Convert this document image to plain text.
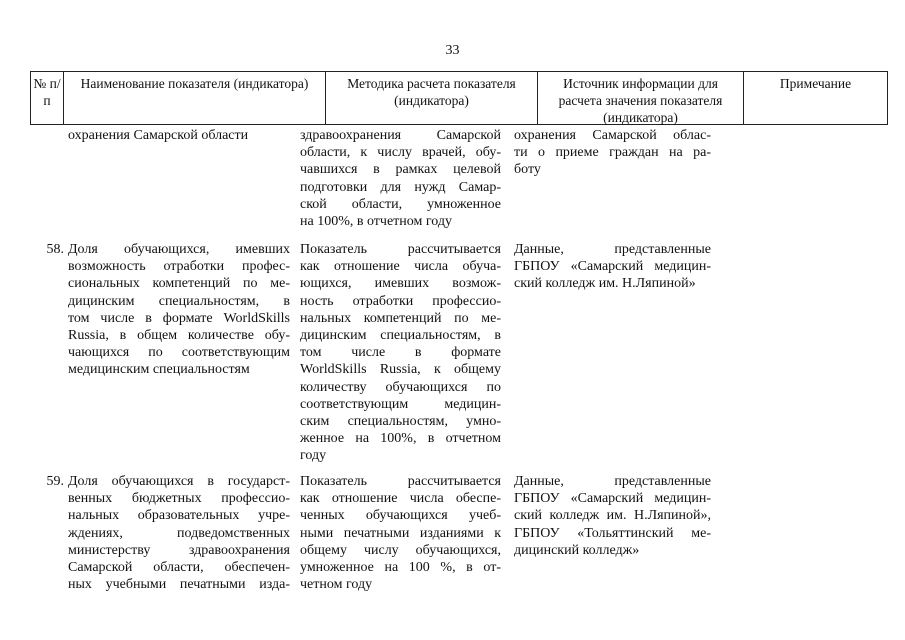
33
№ п/п
Наименование показателя (индикатора)	Методика расчета показателя (индикатора)
Источник информации для расчета значения показателя (индикатора)
Примечание
охранения Самарской области	здравоохранения Самарской
области, к числу врачей, обу-
чавшихся в рамках целевой
подготовки для нужд Самар-
ской области, умноженное
на 100%, в отчетном году
охранения Самарской облас-
ти о приеме граждан на ра-
боту
58. Доля обучающихся, имевших
возможность отработки профес-
сиональных компетенций по ме-
дицинским специальностям, в
том числе в формате WorldSkills
Russia, в общем количестве обу-
чающихся по соответствующим
медицинским специальностям
Показатель рассчитывается
как отношение числа обуча-
ющихся, имевших возмож-
ность отработки профессио-
нальных компетенций по ме-
дицинским специальностям, в
том числе в формате
WorldSkills Russia, к общему
количеству обучающихся по
соответствующим медицин-
ским специальностям, умно-
женное на 100%, в отчетном
году
Данные, представленные
ГБПОУ «Самарский медицин-
ский колледж им. Н.Ляпиной»
59. Доля обучающихся в государст-
венных бюджетных профессио-
нальных образовательных учре-
ждениях, подведомственных
министерству здравоохранения
Самарской области, обеспечен-
ных учебными печатными изда-
Показатель рассчитывается
как отношение числа обеспе-
ченных обучающихся учеб-
ными печатными изданиями к
общему числу обучающихся,
умноженное на 100 %, в от-
четном году
Данные, представленные
ГБПОУ «Самарский медицин-
ский колледж им. Н.Ляпиной»,
ГБПОУ «Тольяттинский ме-
дицинский колледж»
